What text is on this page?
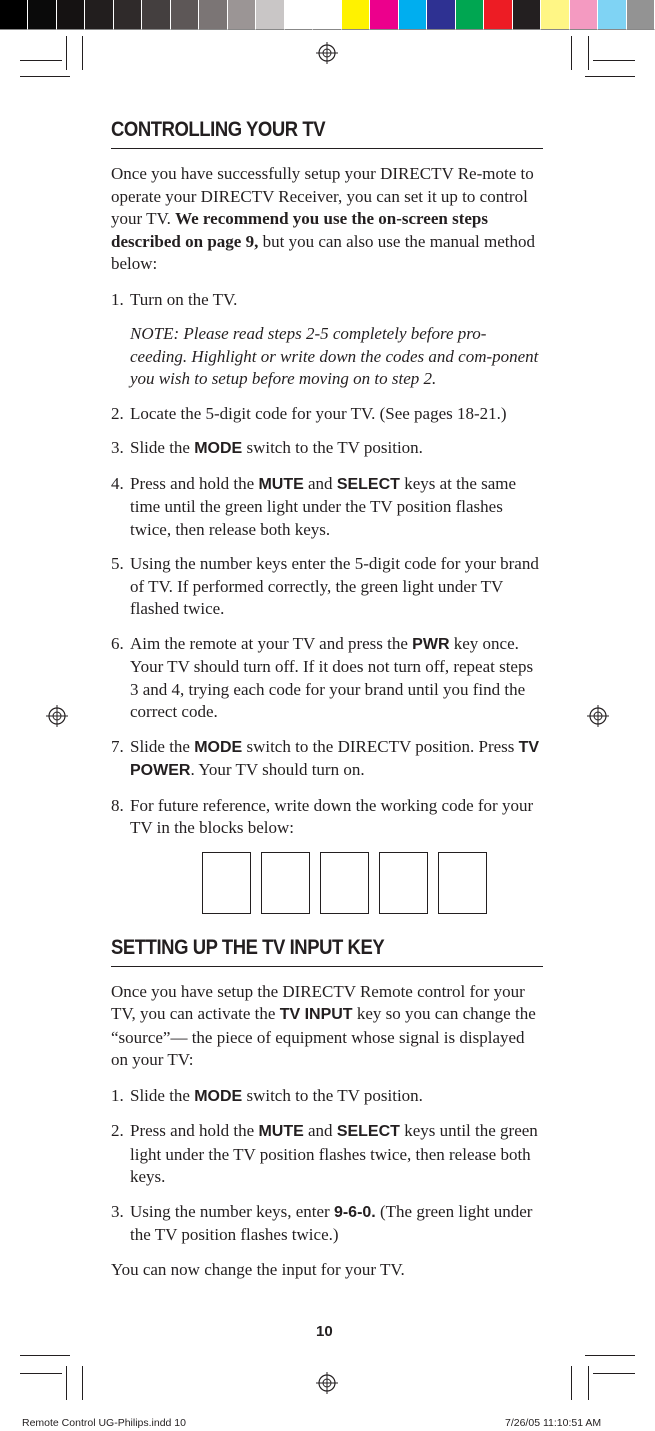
CONTROLLING YOUR TV

Once you have successfully setup your DIRECTV Re-mote to operate your DIRECTV Receiver, you can set it up to control your TV. We recommend you use the on-screen steps described on page 9, but you can also use the manual method below:

1. Turn on the TV.

NOTE: Please read steps 2-5 completely before pro-ceeding. Highlight or write down the codes and com-ponent you wish to setup before moving on to step 2.

2. Locate the 5-digit code for your TV. (See pages 18-21.)
3. Slide the MODE switch to the TV position.
4. Press and hold the MUTE and SELECT keys at the same time until the green light under the TV position flashes twice, then release both keys.
5. Using the number keys enter the 5-digit code for your brand of TV. If performed correctly, the green light under TV flashed twice.
6. Aim the remote at your TV and press the PWR key once. Your TV should turn off. If it does not turn off, repeat steps 3 and 4, trying each code for your brand until you find the correct code.
7. Slide the MODE switch to the DIRECTV position. Press TV POWER. Your TV should turn on.
8. For future reference, write down the working code for your TV in the blocks below:
SETTING UP THE TV INPUT KEY

Once you have setup the DIRECTV Remote control for your TV, you can activate the TV INPUT key so you can change the “source”— the piece of equipment whose signal is displayed on your TV:

1. Slide the MODE switch to the TV position.
2. Press and hold the MUTE and SELECT keys until the green light under the TV position flashes twice, then release both keys.
3. Using the number keys, enter 9-6-0. (The green light under the TV position flashes twice.)

You can now change the input for your TV.

10
Remote Control UG-Philips.indd 10	7/26/05 11:10:51 AM
